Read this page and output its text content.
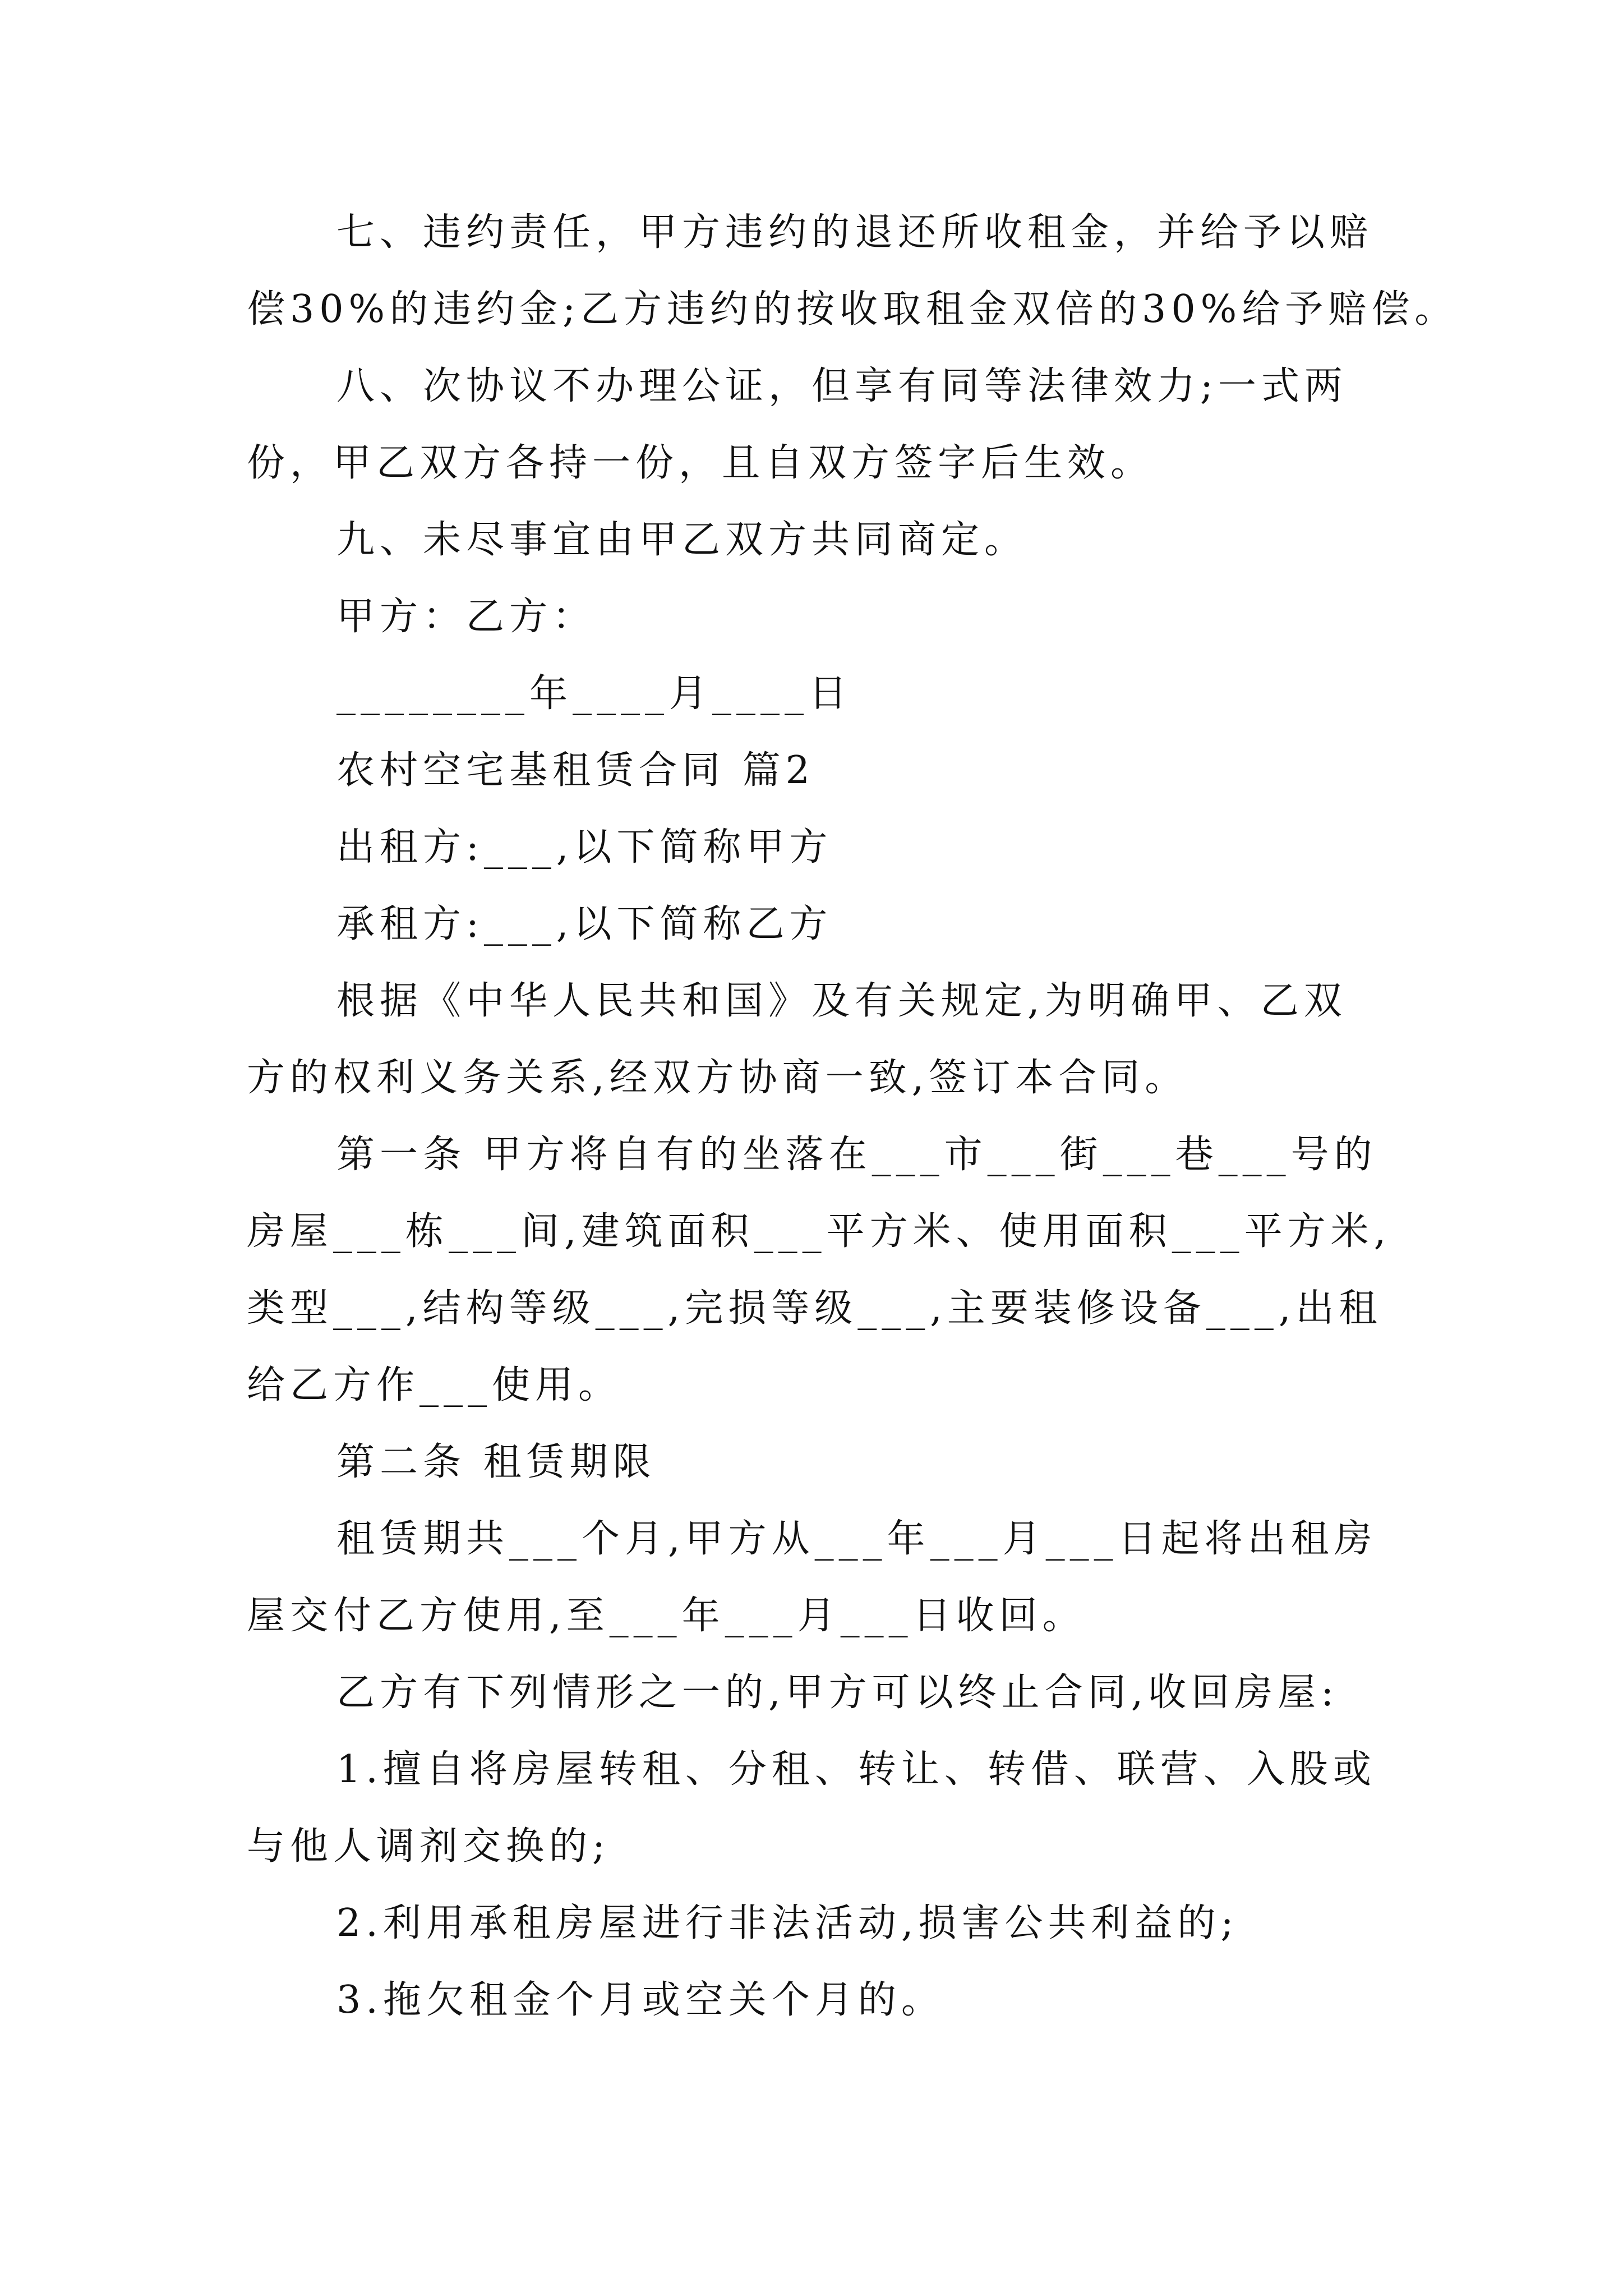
七、违约责任，甲方违约的退还所收租金，并给予以赔
偿30%的违约金;乙方违约的按收取租金双倍的30%给予赔偿。
八、次协议不办理公证，但享有同等法律效力;一式两
份，甲乙双方各持一份，且自双方签字后生效。
九、未尽事宜由甲乙双方共同商定。
甲方：乙方：
________年____月____日
农村空宅基租赁合同 篇2
出租方:___,以下简称甲方
承租方:___,以下简称乙方
根据《中华人民共和国》及有关规定,为明确甲、乙双
方的权利义务关系,经双方协商一致,签订本合同。
第一条 甲方将自有的坐落在___市___街___巷___号的
房屋___栋___间,建筑面积___平方米、使用面积___平方米,
类型___,结构等级___,完损等级___,主要装修设备___,出租
给乙方作___使用。
第二条 租赁期限
租赁期共___个月,甲方从___年___月___日起将出租房
屋交付乙方使用,至___年___月___日收回。
乙方有下列情形之一的,甲方可以终止合同,收回房屋:
1.擅自将房屋转租、分租、转让、转借、联营、入股或
与他人调剂交换的;
2.利用承租房屋进行非法活动,损害公共利益的;
3.拖欠租金个月或空关个月的。
